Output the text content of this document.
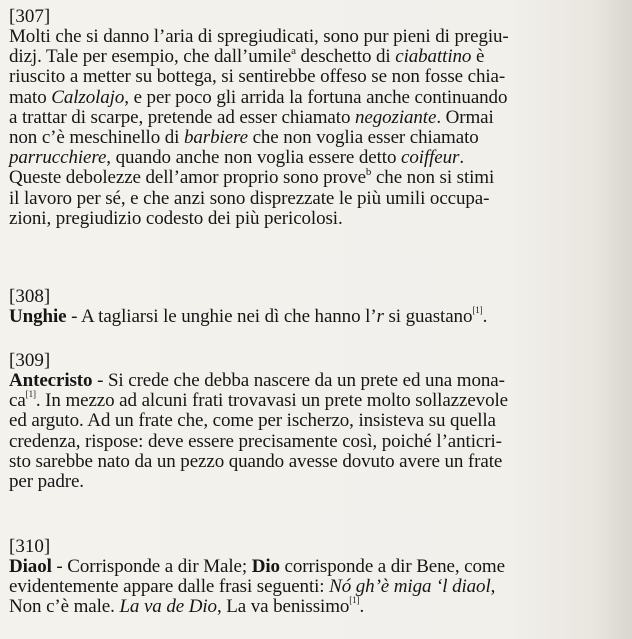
[307]
Molti che si danno l’aria di spregiudicati, sono pur pieni di pregiu-
dizj. Tale per esempio, che dall’umile$^a$ deschetto di ciabattino è
riuscito a metter su bottega, si sentirebbe offeso se non fosse chia-
mato Calzolajo, e per poco gli arrida la fortuna anche continuando
a trattar di scarpe, pretende ad esser chiamato negoziante. Ormai
non c’è meschinello di barbiere che non voglia esser chiamato
parrucchiere, quando anche non voglia essere detto coiffeur.
Queste debolezze dell’amor proprio sono prove$^b$ che non si stimi
il lavoro per sé, e che anzi sono disprezzate le più umili occupa-
zioni, pregiudizio codesto dei più pericolosi.
[308]
Unghie - A tagliarsi le unghie nei dì che hanno l’r si guastano[1].
[309]
Antecristo - Si crede che debba nascere da un prete ed una mona-
ca[1]. In mezzo ad alcuni frati trovavasi un prete molto sollazzevole
ed arguto. Ad un frate che, come per ischerzo, insisteva su quella
credenza, rispose: deve essere precisamente così, poiché l’anticri-
sto sarebbe nato da un pezzo quando avesse dovuto avere un frate
per padre.
[310]
Diaol - Corrisponde a dir Male; Dio corrisponde a dir Bene, come
evidentemente appare dalle frasi seguenti: Nó gh’è miga ‘l diaol,
Non c’è male. La va de Dio, La va benissimo[1].
